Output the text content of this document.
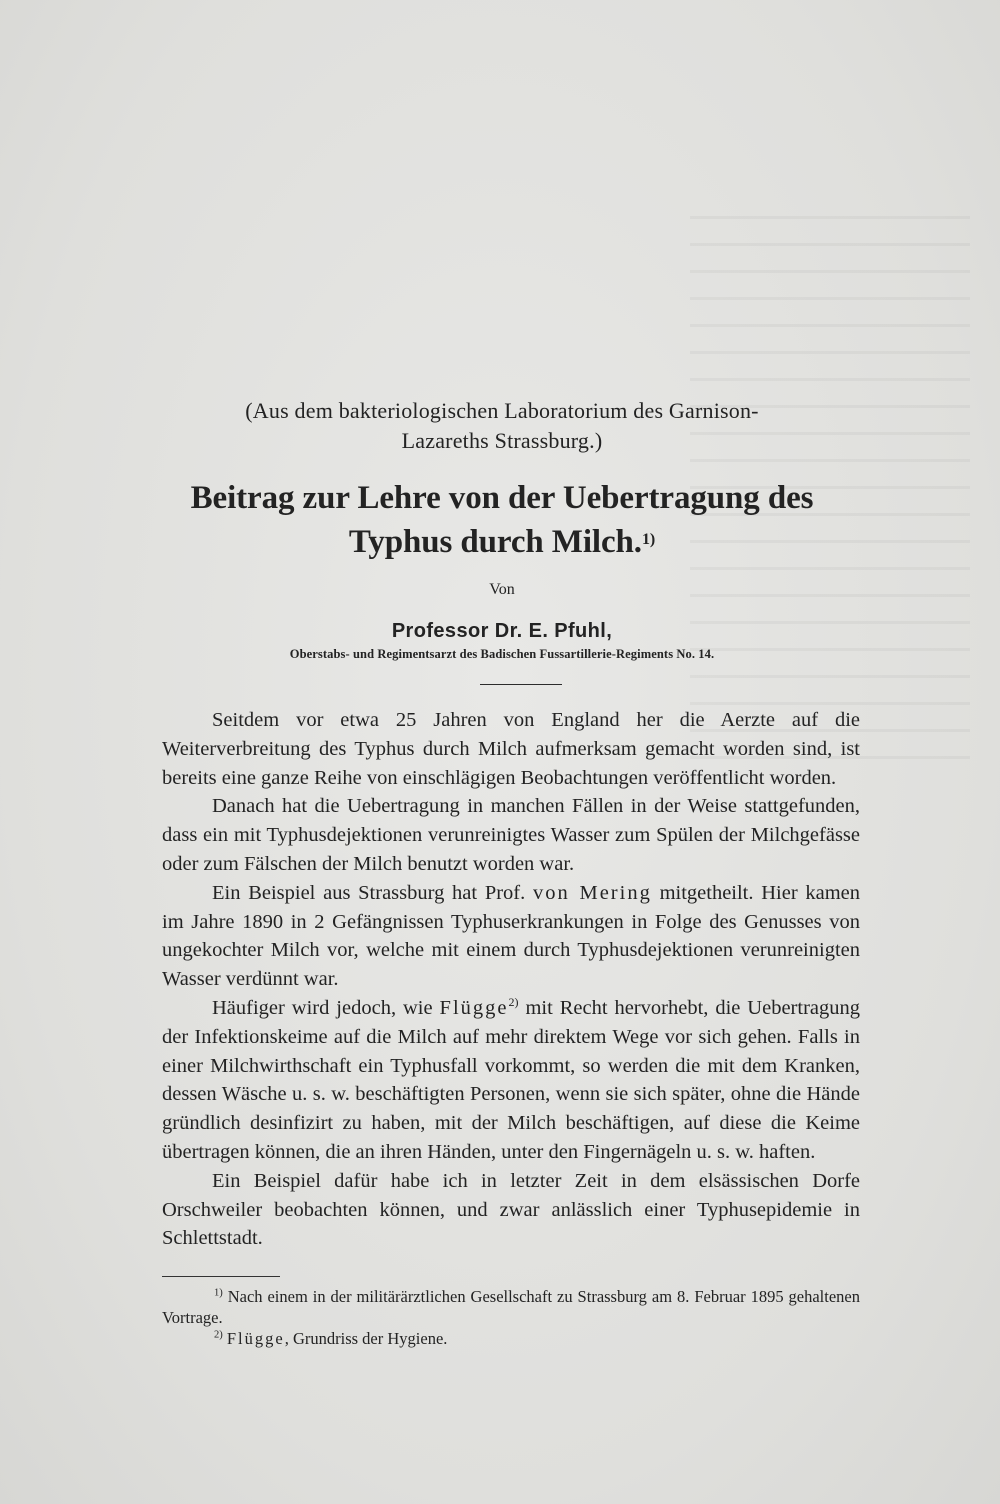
(Aus dem bakteriologischen Laboratorium des Garnison-
Lazareths Strassburg.)
Beitrag zur Lehre von der Uebertragung des
Typhus durch Milch.$^{1)}$
Von
Professor Dr. E. Pfuhl,
Oberstabs- und Regimentsarzt des Badischen Fussartillerie-Regiments No. 14.

Seitdem vor etwa 25 Jahren von England her die Aerzte auf die Weiterverbreitung des Typhus durch Milch aufmerksam gemacht worden sind, ist bereits eine ganze Reihe von einschlägigen Beobachtungen veröffentlicht worden.

Danach hat die Uebertragung in manchen Fällen in der Weise stattgefunden, dass ein mit Typhusdejektionen verunreinigtes Wasser zum Spülen der Milchgefässe oder zum Fälschen der Milch benutzt worden war.

Ein Beispiel aus Strassburg hat Prof. von Mering mitgetheilt. Hier kamen im Jahre 1890 in 2 Gefängnissen Typhuserkrankungen in Folge des Genusses von ungekochter Milch vor, welche mit einem durch Typhusdejektionen verunreinigten Wasser verdünnt war.

Häufiger wird jedoch, wie Flügge$^{2)}$ mit Recht hervorhebt, die Uebertragung der Infektionskeime auf die Milch auf mehr direktem Wege vor sich gehen. Falls in einer Milchwirthschaft ein Typhusfall vorkommt, so werden die mit dem Kranken, dessen Wäsche u. s. w. beschäftigten Personen, wenn sie sich später, ohne die Hände gründlich desinfizirt zu haben, mit der Milch beschäftigen, auf diese die Keime übertragen können, die an ihren Händen, unter den Fingernägeln u. s. w. haften.

Ein Beispiel dafür habe ich in letzter Zeit in dem elsässischen Dorfe Orschweiler beobachten können, und zwar anlässlich einer Typhusepidemie in Schlettstadt.

$^{1)}$ Nach einem in der militärärztlichen Gesellschaft zu Strassburg am 8. Februar 1895 gehaltenen Vortrage.

$^{2)}$ Flügge, Grundriss der Hygiene.
